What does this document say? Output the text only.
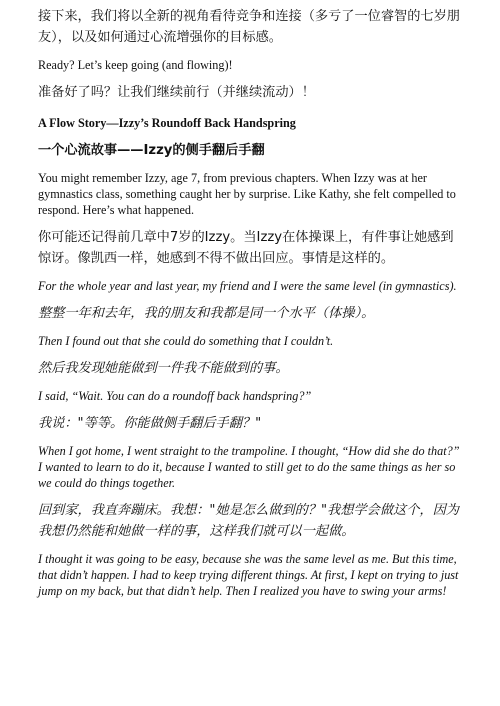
接下来，我们将以全新的视角看待竞争和连接（多亏了一位睿智的七岁朋友），以及如何通过心流增强你的目标感。

Ready? Let’s keep going (and flowing)!

准备好了吗？让我们继续前行（并继续流动）！

A Flow Story—Izzy’s Roundoff Back Handspring

一个心流故事——Izzy的侧手翻后手翻

You might remember Izzy, age 7, from previous chapters. When Izzy was at her gymnastics class, something caught her by surprise. Like Kathy, she felt compelled to respond. Here’s what happened.

你可能还记得前几章中7岁的Izzy。当Izzy在体操课上，有件事让她感到惊讶。像凯西一样，她感到不得不做出回应。事情是这样的。

For the whole year and last year, my friend and I were the same level (in gymnastics).

整整一年和去年，我的朋友和我都是同一个水平（体操）。

Then I found out that she could do something that I couldn’t.

然后我发现她能做到一件我不能做到的事。

I said, “Wait. You can do a roundoff back handspring?”

我说："等等。你能做侧手翻后手翻？"

When I got home, I went straight to the trampoline. I thought, “How did she do that?” I wanted to learn to do it, because I wanted to still get to do the same things as her so we could do things together.

回到家，我直奔蹦床。我想："她是怎么做到的？"我想学会做这个，因为我想仍然能和她做一样的事，这样我们就可以一起做。

I thought it was going to be easy, because she was the same level as me. But this time, that didn’t happen. I had to keep trying different things. At first, I kept on trying to just jump on my back, but that didn’t help. Then I realized you have to swing your arms!
